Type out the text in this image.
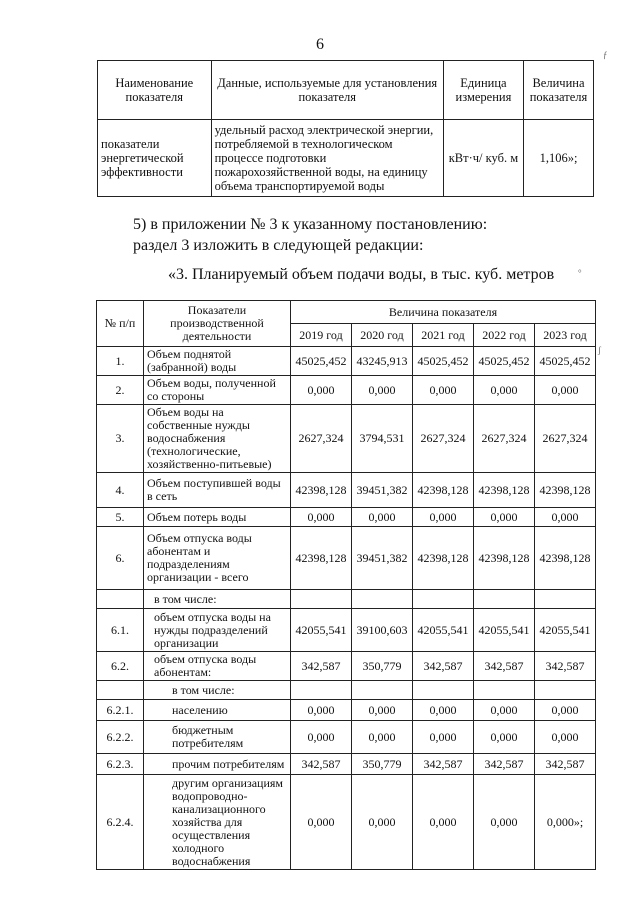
6
Наименование показателя	Данные, используемые для установления показателя	Единица измерения	Величина показателя
показатели энергетической эффективности	удельный расход электрической энергии, потребляемой в технологическом процессе подготовки пожарохозяйственной воды, на единицу объема транспортируемой воды	кВт·ч/ куб. м	1,106»;
5) в приложении № 3 к указанному постановлению:
раздел 3 изложить в следующей редакции:
«3. Планируемый объем подачи воды, в тыс. куб. метров
№ п/п	Показатели производственной деятельности	Величина показателя				
		2019 год	2020 год	2021 год	2022 год	2023 год
1.	Объем поднятой (забранной) воды	45025,452	43245,913	45025,452	45025,452	45025,452
2.	Объем воды, полученной со стороны	0,000	0,000	0,000	0,000	0,000
3.	Объем воды на собственные нужды водоснабжения (технологические, хозяйственно-питьевые)	2627,324	3794,531	2627,324	2627,324	2627,324
4.	Объем поступившей воды в сеть	42398,128	39451,382	42398,128	42398,128	42398,128
5.	Объем потерь воды	0,000	0,000	0,000	0,000	0,000
6.	Объем отпуска воды абонентам и подразделениям организации - всего	42398,128	39451,382	42398,128	42398,128	42398,128
	в том числе:					
6.1.	объем отпуска воды на нужды подразделений организации	42055,541	39100,603	42055,541	42055,541	42055,541
6.2.	объем отпуска воды абонентам:	342,587	350,779	342,587	342,587	342,587
	в том числе:					
6.2.1.	населению	0,000	0,000	0,000	0,000	0,000
6.2.2.	бюджетным потребителям	0,000	0,000	0,000	0,000	0,000
6.2.3.	прочим потребителям	342,587	350,779	342,587	342,587	342,587
6.2.4.	другим организациям водопроводно-канализационного хозяйства для осуществления холодного водоснабжения	0,000	0,000	0,000	0,000	0,000»;
ƒ
ʃ
°
